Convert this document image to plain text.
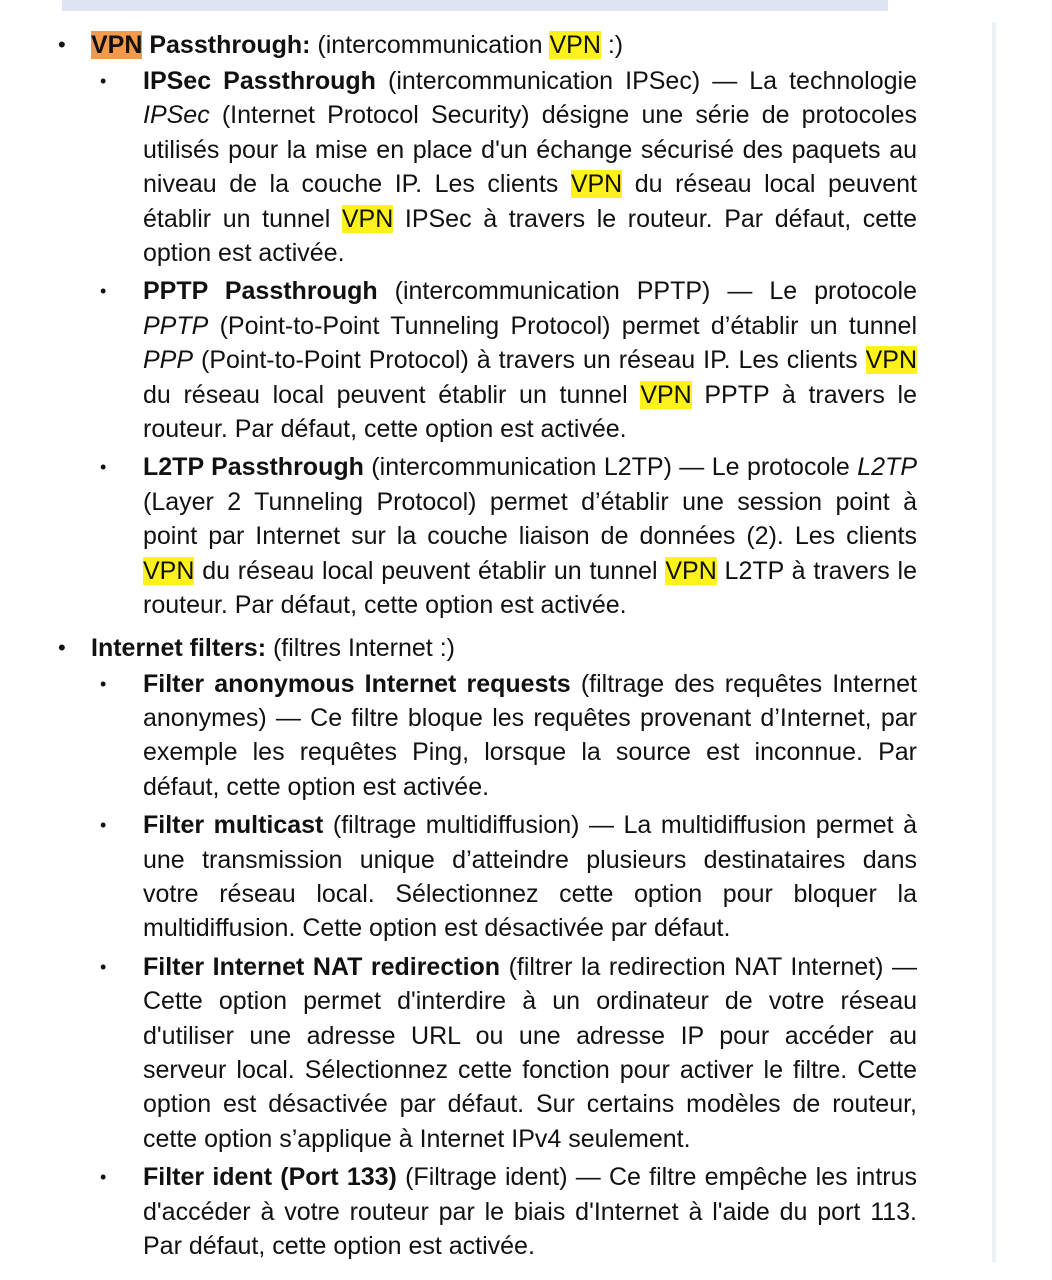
• VPN Passthrough: (intercommunication VPN :)
• IPSec Passthrough (intercommunication IPSec) — La technologie IPSec (Internet Protocol Security) désigne une série de protocoles utilisés pour la mise en place d'un échange sécurisé des paquets au niveau de la couche IP. Les clients VPN du réseau local peuvent établir un tunnel VPN IPSec à travers le routeur. Par défaut, cette option est activée.
• PPTP Passthrough (intercommunication PPTP) — Le protocole PPTP (Point-to-Point Tunneling Protocol) permet d’établir un tunnel PPP (Point-to-Point Protocol) à travers un réseau IP. Les clients VPN du réseau local peuvent établir un tunnel VPN PPTP à travers le routeur. Par défaut, cette option est activée.
• L2TP Passthrough (intercommunication L2TP) — Le protocole L2TP (Layer 2 Tunneling Protocol) permet d’établir une session point à point par Internet sur la couche liaison de données (2). Les clients VPN du réseau local peuvent établir un tunnel VPN L2TP à travers le routeur. Par défaut, cette option est activée.
• Internet filters: (filtres Internet :)
• Filter anonymous Internet requests (filtrage des requêtes Internet anonymes) — Ce filtre bloque les requêtes provenant d’Internet, par exemple les requêtes Ping, lorsque la source est inconnue. Par défaut, cette option est activée.
• Filter multicast (filtrage multidiffusion) — La multidiffusion permet à une transmission unique d’atteindre plusieurs destinataires dans votre réseau local. Sélectionnez cette option pour bloquer la multidiffusion. Cette option est désactivée par défaut.
• Filter Internet NAT redirection (filtrer la redirection NAT Internet) — Cette option permet d'interdire à un ordinateur de votre réseau d'utiliser une adresse URL ou une adresse IP pour accéder au serveur local. Sélectionnez cette fonction pour activer le filtre. Cette option est désactivée par défaut. Sur certains modèles de routeur, cette option s’applique à Internet IPv4 seulement.
• Filter ident (Port 133) (Filtrage ident) — Ce filtre empêche les intrus d'accéder à votre routeur par le biais d'Internet à l'aide du port 113. Par défaut, cette option est activée.
